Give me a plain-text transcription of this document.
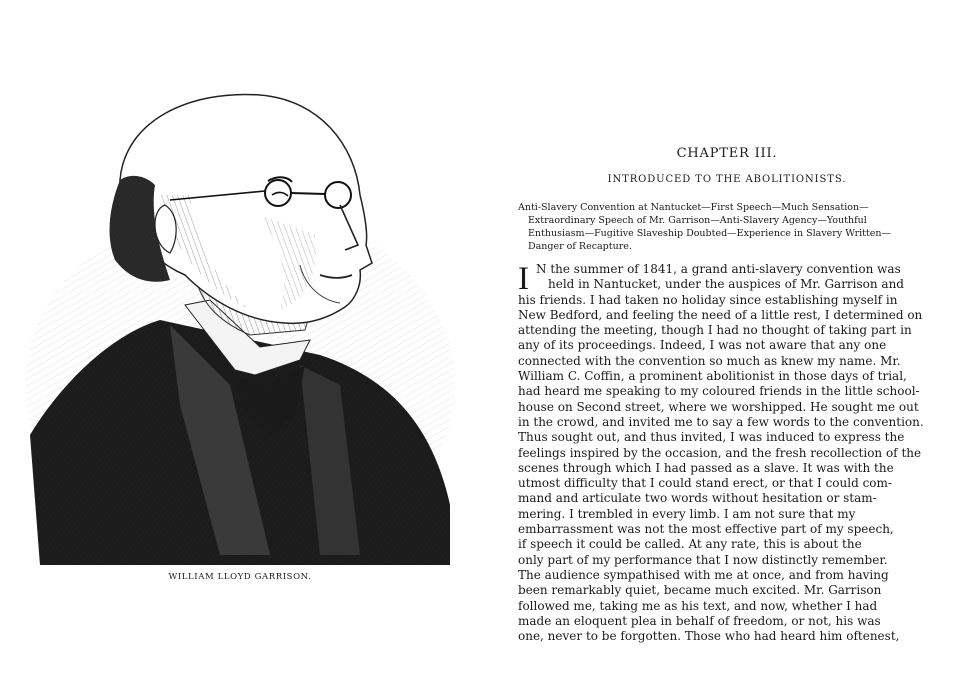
WILLIAM LLOYD GARRISON.
CHAPTER III.
INTRODUCED TO THE ABOLITIONISTS.
Anti-Slavery Convention at Nantucket—First Speech—Much Sensation—
Extraordinary Speech of Mr. Garrison—Anti-Slavery Agency—Youthful
Enthusiasm—Fugitive Slaveship Doubted—Experience in Slavery Written—
Danger of Recapture.
I N the summer of 1841, a grand anti-slavery convention was
held in Nantucket, under the auspices of Mr. Garrison and
his friends. I had taken no holiday since establishing myself in
New Bedford, and feeling the need of a little rest, I determined on
attending the meeting, though I had no thought of taking part in
any of its proceedings. Indeed, I was not aware that any one
connected with the convention so much as knew my name. Mr.
William C. Coffin, a prominent abolitionist in those days of trial,
had heard me speaking to my coloured friends in the little school-
house on Second street, where we worshipped. He sought me out
in the crowd, and invited me to say a few words to the convention.
Thus sought out, and thus invited, I was induced to express the
feelings inspired by the occasion, and the fresh recollection of the
scenes through which I had passed as a slave. It was with the
utmost difficulty that I could stand erect, or that I could com-
mand and articulate two words without hesitation or stam-
mering. I trembled in every limb. I am not sure that my
embarrassment was not the most effective part of my speech,
if speech it could be called. At any rate, this is about the
only part of my performance that I now distinctly remember.
The audience sympathised with me at once, and from having
been remarkably quiet, became much excited. Mr. Garrison
followed me, taking me as his text, and now, whether I had
made an eloquent plea in behalf of freedom, or not, his was
one, never to be forgotten. Those who had heard him oftenest,
